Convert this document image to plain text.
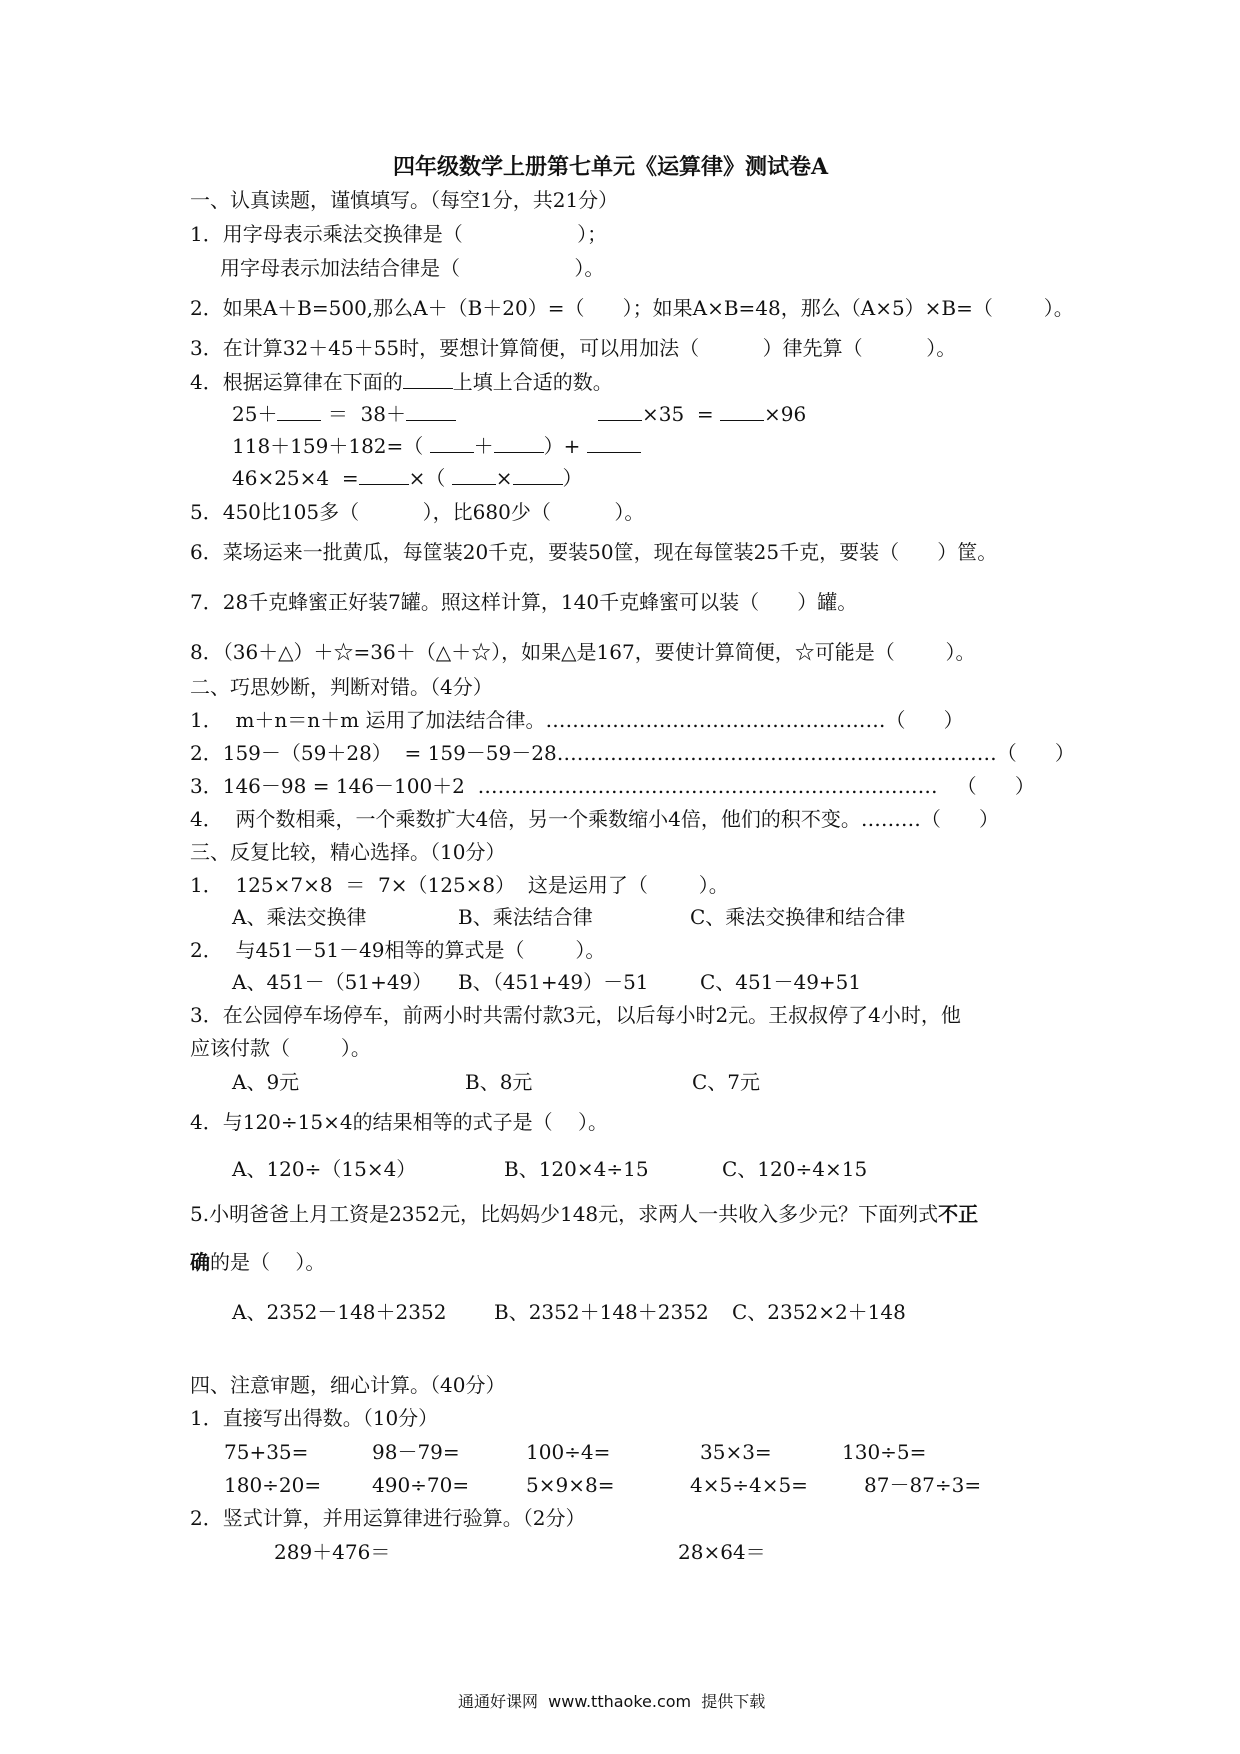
四年级数学上册第七单元《运算律》测试卷A
一、认真读题，谨慎填写。（每空1分，共21分）
1．用字母表示乘法交换律是（                  ）；
用字母表示加法结合律是（                  ）。
2．如果A＋B=500,那么A＋（B＋20）=（      ）；如果A×B=48，那么（A×5）×B=（        ）。
3．在计算32＋45＋55时，要想计算简便，可以用加法（          ）律先算（          ）。
4．根据运算律在下面的	上填上合适的数。
25＋	＝  38＋	×35  =	×96
118＋159＋182=（	＋	）+
46×25×4  =	×（	×	）
5．450比105多（          ），比680少（          ）。
6．菜场运来一批黄瓜，每筐装20千克，要装50筐，现在每筐装25千克，要装（      ）筐。
7．28千克蜂蜜正好装7罐。照这样计算，140千克蜂蜜可以装（      ）罐。
8．（36＋△）＋☆=36＋（△＋☆），如果△是167，要使计算简便，☆可能是（        ）。
二、巧思妙断，判断对错。（4分）
1．  m＋n＝n＋m 运用了加法结合律。……………………………………………（      ）
2．159－（59＋28）  = 159－59－28…………………………………………………………（      ）
3．146－98 = 146－100＋2  ……………………………………………………………   （      ）
4．  两个数相乘，一个乘数扩大4倍，另一个乘数缩小4倍，他们的积不变。………（      ）
三、反复比较，精心选择。（10分）
1．  125×7×8  ＝  7×（125×8）  这是运用了（        ）。
A、乘法交换律	B、乘法结合律	C、乘法交换律和结合律
2．  与451－51－49相等的算式是（        ）。
A、451－（51+49） B、（451+49）－51	C、451－49+51
3．在公园停车场停车，前两小时共需付款3元，以后每小时2元。王叔叔停了4小时，他
应该付款（        ）。
A、9元	B、8元	C、7元
4．与120÷15×4的结果相等的式子是（    ）。
A、120÷（15×4）	B、120×4÷15	C、120÷4×15
5.小明爸爸上月工资是2352元，比妈妈少148元，求两人一共收入多少元？下面列式不正
确的是（    ）。
A、2352－148＋2352 B、2352＋148＋2352 C、2352×2＋148
四、注意审题，细心计算。（40分）
1．直接写出得数。（10分）
75+35=	98－79=	100÷4=	35×3=	130÷5=
180÷20=	490÷70=	5×9×8=	4×5÷4×5=	87－87÷3=
2．竖式计算，并用运算律进行验算。（2分）
289＋476＝	28×64＝
通通好课网  www.tthaoke.com  提供下载
